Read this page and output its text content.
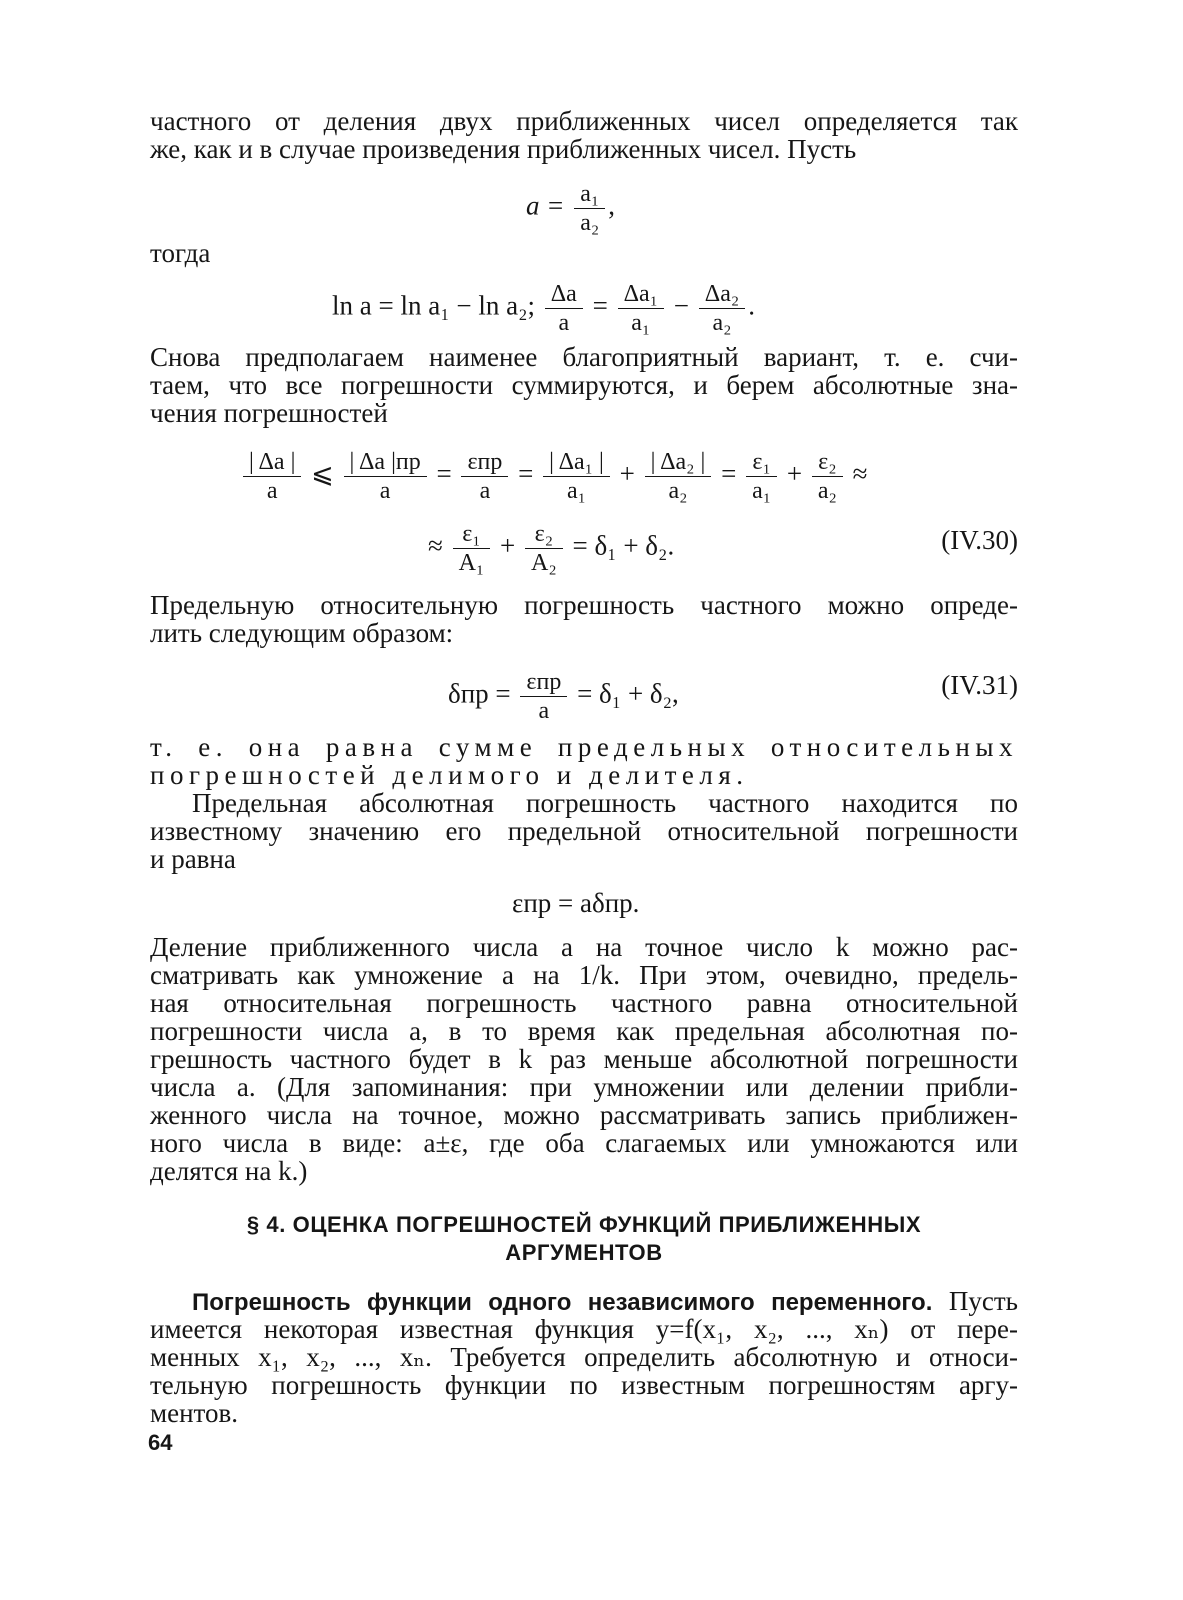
частного от деления двух приближенных чисел определяется так

же, как и в случае произведения приближенных чисел. Пусть

$a = \frac{\text{a₁}}{\text{a₂}}$ ,

тогда

ln a = ln a₁ − ln a₂; $\frac{\Delta a}{a} = \frac{\text{Δa₁}}{\text{a₁}} - \frac{\text{Δa₂}}{\text{a₂}}$ .

Снова предполагаем наименее благоприятный вариант, т. е. счи-

таем, что все погрешности суммируются, и берем абсолютные зна-

чения погрешностей

$\frac{| \Delta a |}{a}$ ⩽ $\frac{| \Delta a |пр}{a} = \frac{\text{εпр}}{a} = \frac{\text{| Δa₁ |}}{\text{a₁}} + \frac{\text{| Δa₂ |}}{\text{a₂}} = \frac{\text{ε₁}}{\text{a₁}} + \frac{\text{ε₂}}{\text{a₂}}$ ≈
≈ $\frac{\text{ε₁}}{\text{A₁}} + \frac{\text{ε₂}}{\text{A₂}} = \delta_1 + \delta_2$.	(IV.30)

Предельную относительную погрешность частного можно опреде-

лить следующим образом:

$\delta пр = \frac{\text{εпр}}{a} = \delta_1 + \delta_2$,	(IV.31)

т. е. она равна сумме предельных относительных

погрешностей делимого и делителя.

Предельная абсолютная погрешность частного находится по

известному значению его предельной относительной погрешности

и равна

εпр = aδпр.

Деление приближенного числа a на точное число k можно рас-

сматривать как умножение a на 1/k. При этом, очевидно, предель-

ная относительная погрешность частного равна относительной

погрешности числа a, в то время как предельная абсолютная по-

грешность частного будет в k раз меньше абсолютной погрешности

числа a. (Для запоминания: при умножении или делении прибли-

женного числа на точное, можно рассматривать запись приближен-

ного числа в виде: a±ε, где оба слагаемых или умножаются или

делятся на k.)

§ 4. ОЦЕНКА ПОГРЕШНОСТЕЙ ФУНКЦИЙ ПРИБЛИЖЕННЫХ
АРГУМЕНТОВ

Погрешность функции одного независимого переменного. Пусть

имеется некоторая известная функция y=f(x₁, x₂, ..., xₙ) от пере-

менных x₁, x₂, ..., xₙ. Требуется определить абсолютную и относи-

тельную погрешность функции по известным погрешностям аргу-

ментов.

64
